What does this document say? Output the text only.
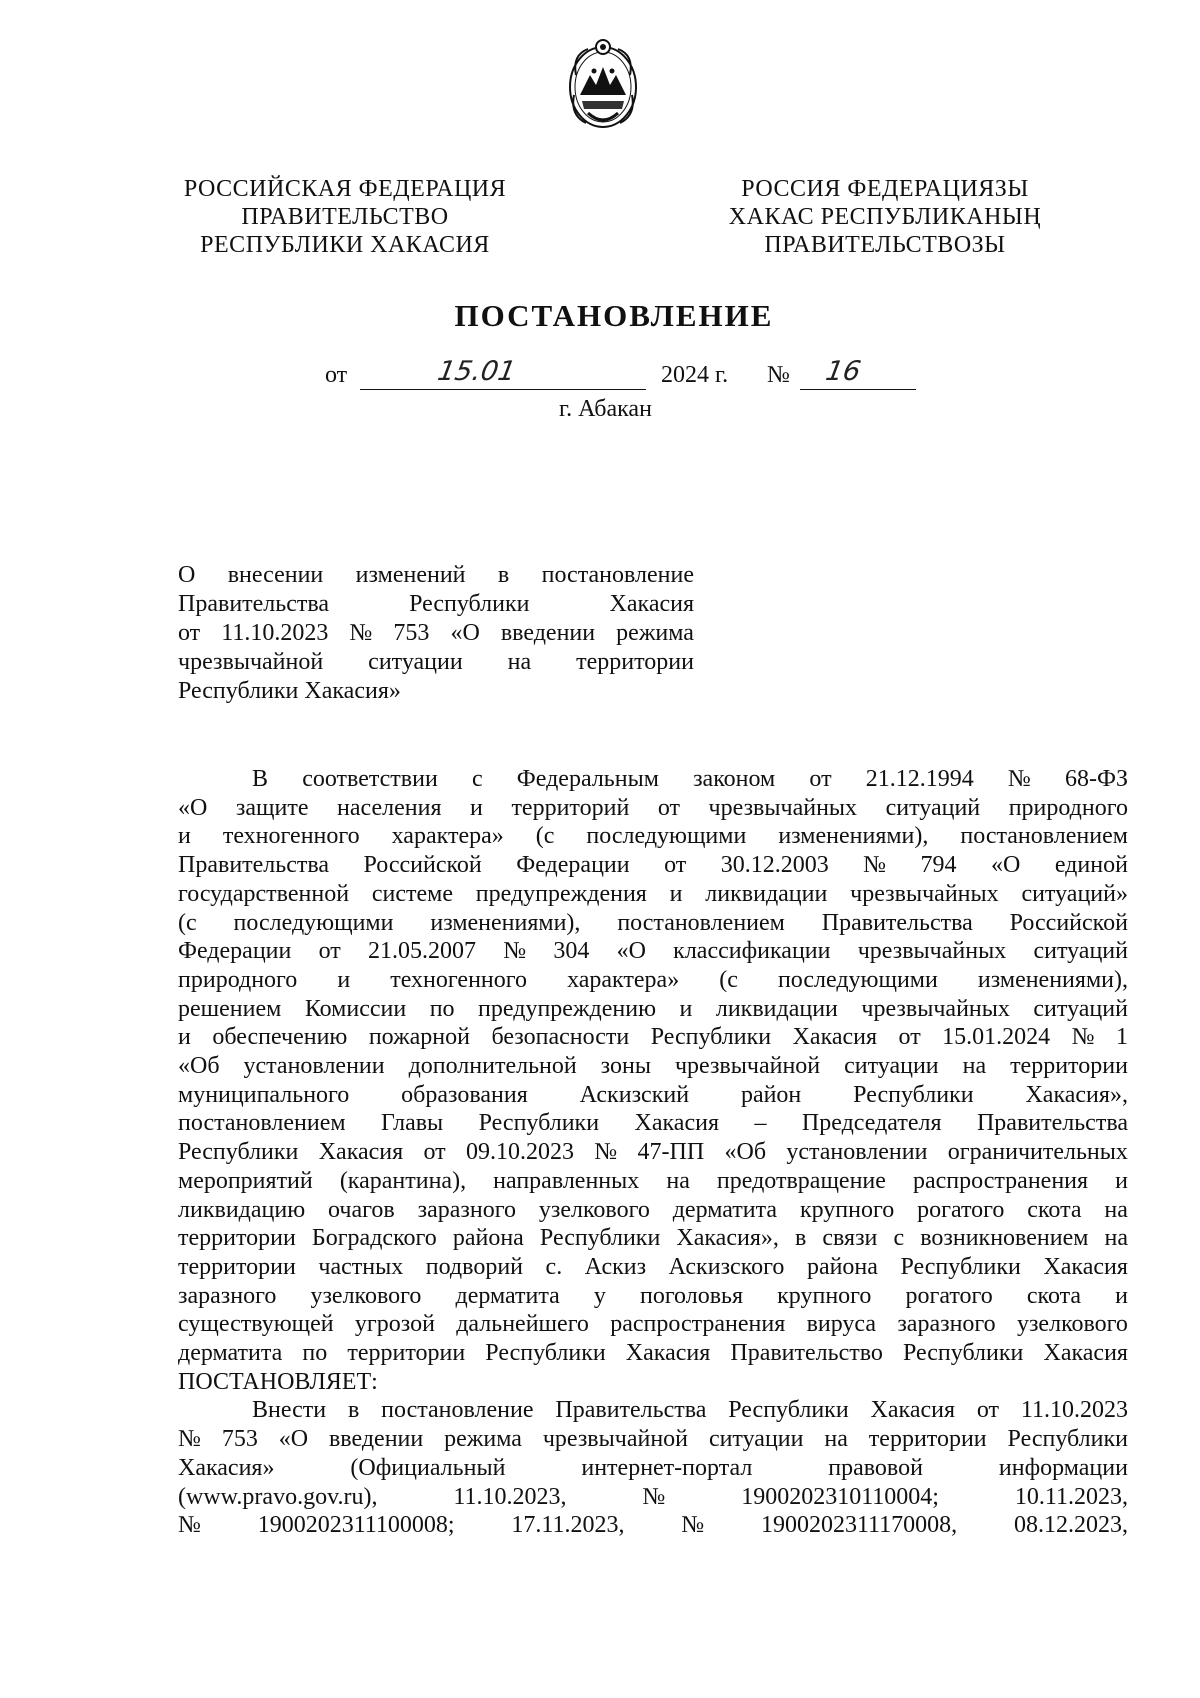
РОССИЙСКАЯ ФЕДЕРАЦИЯ
ПРАВИТЕЛЬСТВО
РЕСПУБЛИКИ ХАКАСИЯ
РОССИЯ ФЕДЕРАЦИЯЗЫ
ХАКАС РЕСПУБЛИКАНЫҢ
ПРАВИТЕЛЬСТВОЗЫ
ПОСТАНОВЛЕНИЕ
от	15.01	2024 г. № 16
г. Абакан
О внесении изменений в постановление
Правительства	Республики	Хакасия
от 11.10.2023 № 753 «О введении режима
чрезвычайной ситуации на территории
Республики Хакасия»
В соответствии с Федеральным законом от 21.12.1994 № 68-ФЗ
«О защите населения и территорий от чрезвычайных ситуаций природного
и техногенного характера» (с последующими изменениями), постановлением
Правительства Российской Федерации от 30.12.2003 № 794 «О единой
государственной системе предупреждения и ликвидации чрезвычайных ситуаций»
(с последующими изменениями), постановлением Правительства Российской
Федерации от 21.05.2007 № 304 «О классификации чрезвычайных ситуаций
природного и техногенного характера» (с последующими изменениями),
решением Комиссии по предупреждению и ликвидации чрезвычайных ситуаций
и обеспечению пожарной безопасности Республики Хакасия от 15.01.2024 № 1
«Об установлении дополнительной зоны чрезвычайной ситуации на территории
муниципального образования Аскизский район Республики Хакасия»,
постановлением Главы Республики Хакасия – Председателя Правительства
Республики Хакасия от 09.10.2023 № 47-ПП «Об установлении ограничительных
мероприятий (карантина), направленных на предотвращение распространения и
ликвидацию очагов заразного узелкового дерматита крупного рогатого скота на
территории Боградского района Республики Хакасия», в связи с возникновением на
территории частных подворий с. Аскиз Аскизского района Республики Хакасия
заразного узелкового дерматита у поголовья крупного рогатого скота и
существующей угрозой дальнейшего распространения вируса заразного узелкового
дерматита по территории Республики Хакасия Правительство Республики Хакасия
ПОСТАНОВЛЯЕТ:
Внести в постановление Правительства Республики Хакасия от 11.10.2023
№ 753 «О введении режима чрезвычайной ситуации на территории Республики
Хакасия»	(Официальный	интернет-портал	правовой	информации
(www.pravo.gov.ru),	11.10.2023,	№	1900202310110004;	10.11.2023,
№ 1900202311100008; 17.11.2023, № 1900202311170008, 08.12.2023,
